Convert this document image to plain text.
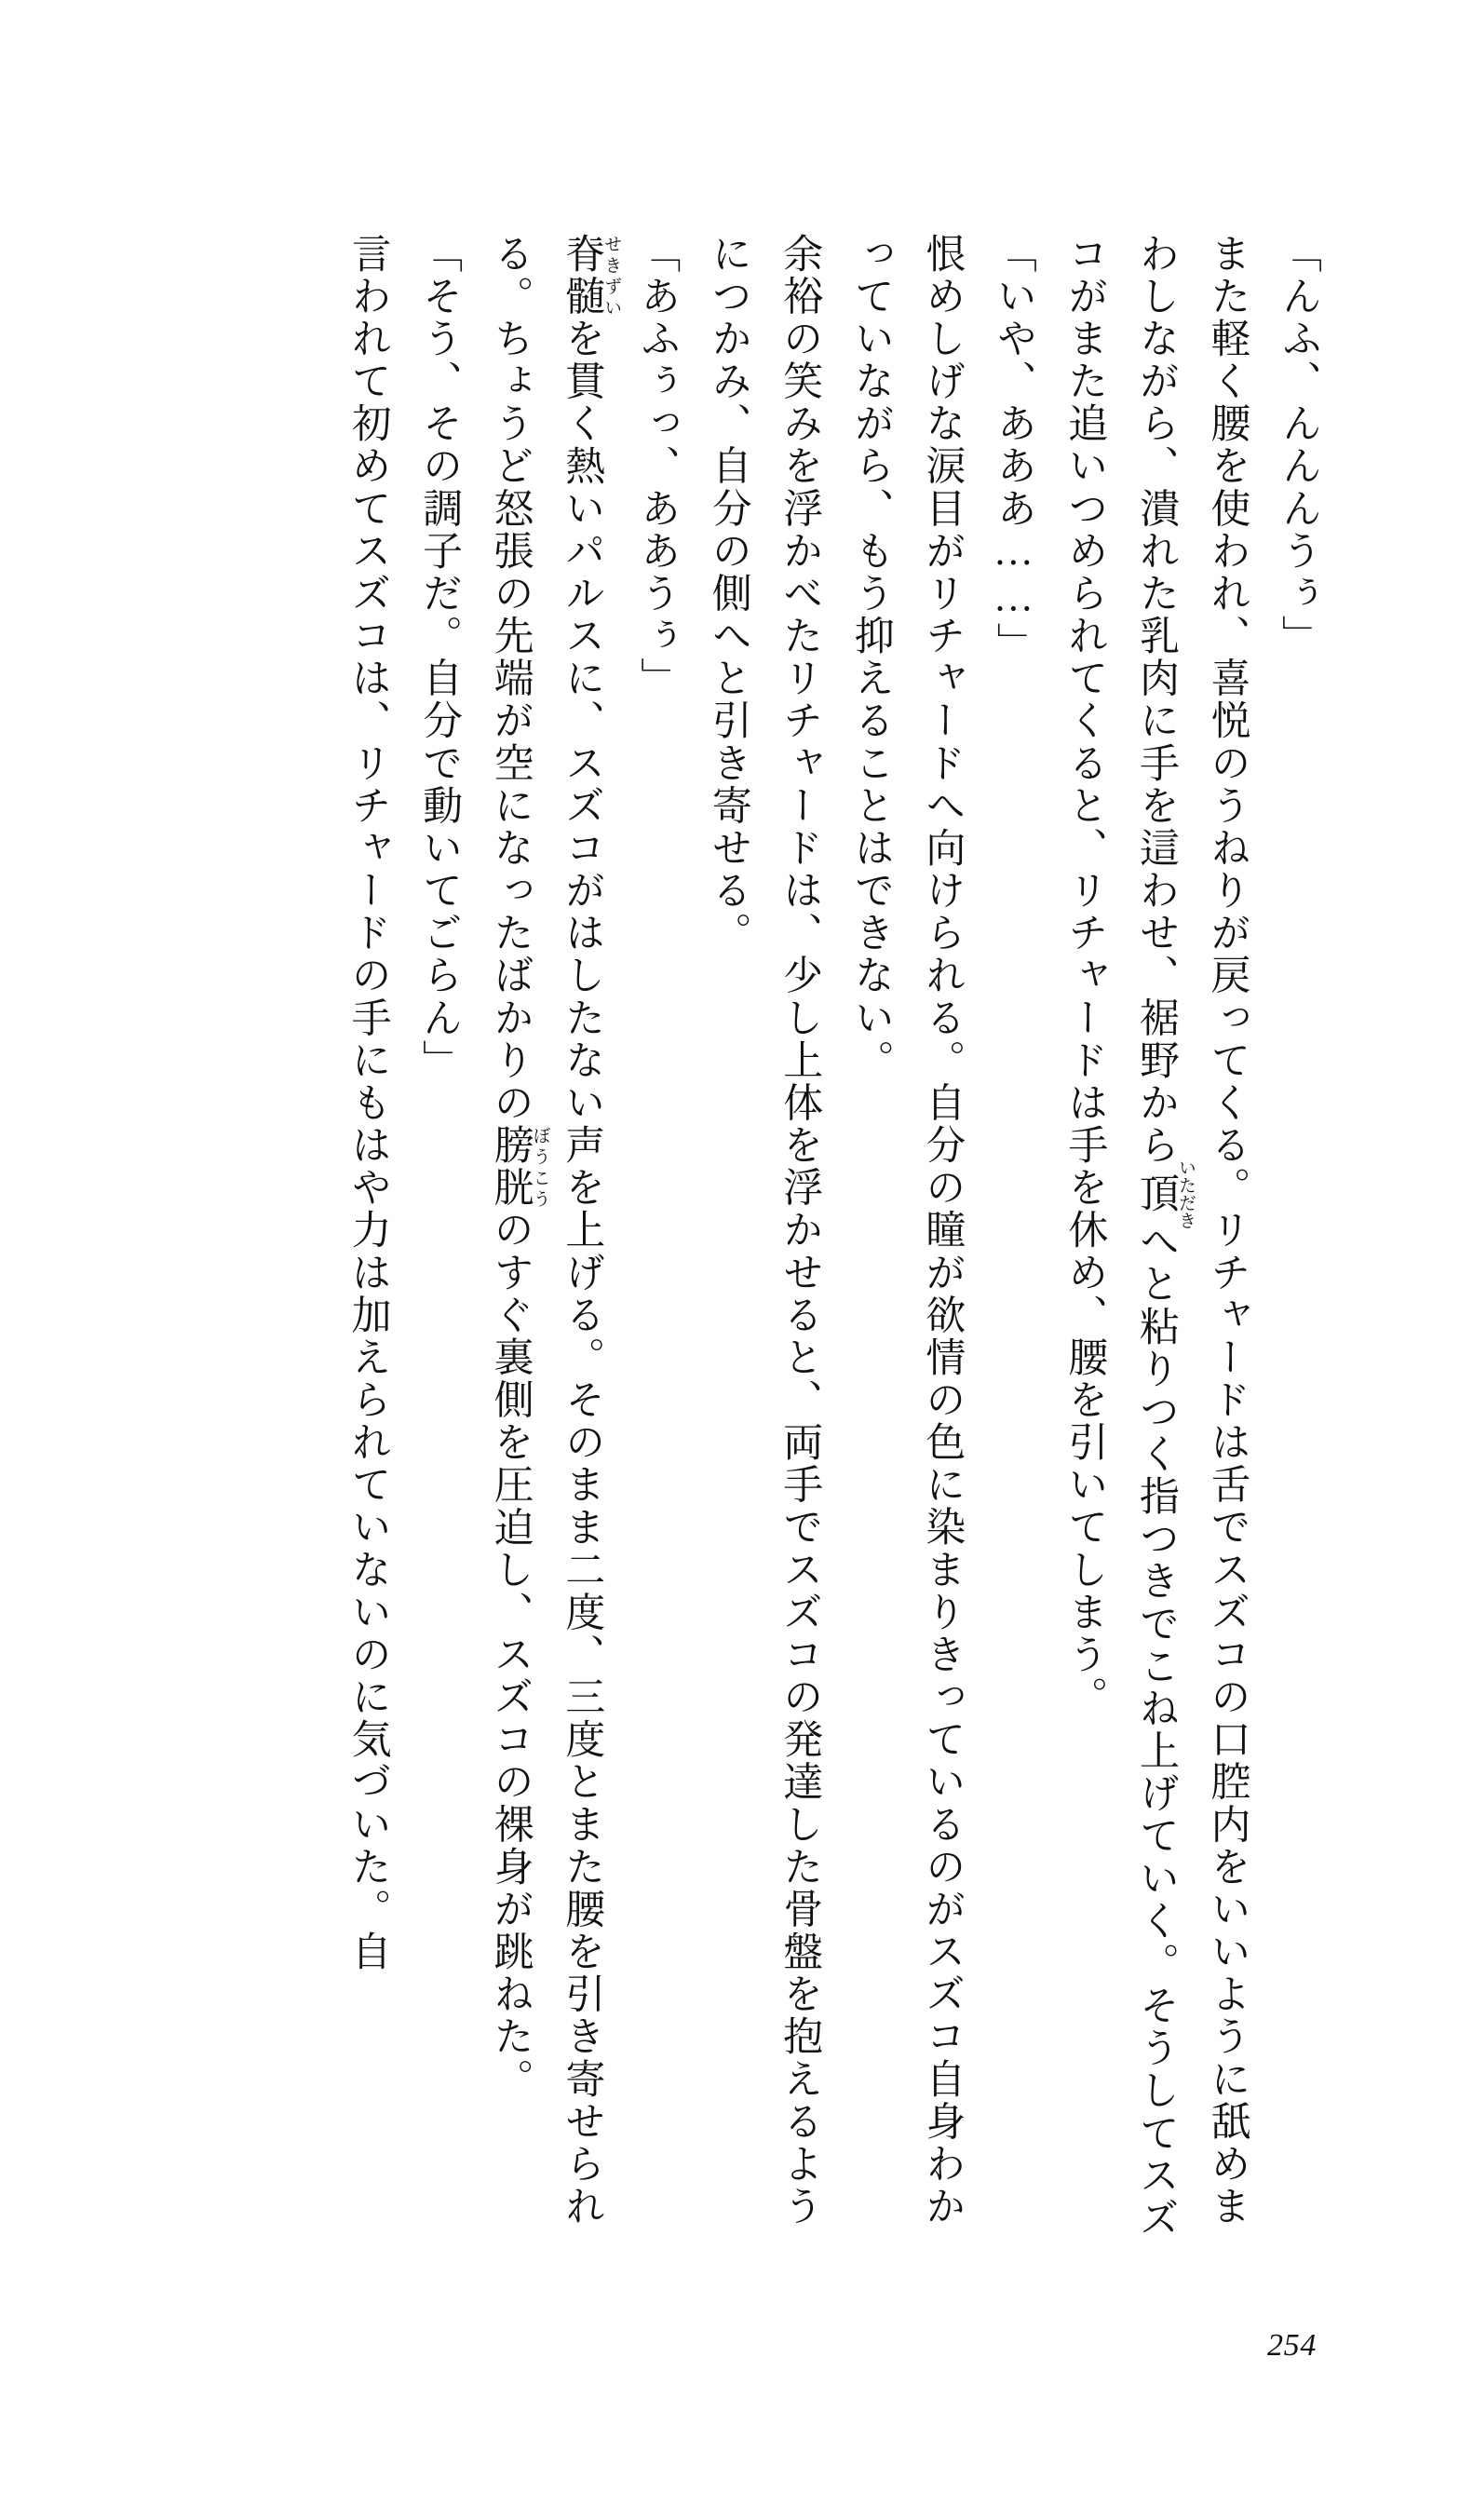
「んふ、んんんうぅ」

また軽く腰を使われ、喜悦のうねりが戻ってくる。リチャードは舌でスズコの口腔内をいいように舐めまわしながら、潰れた乳肉に手を這わせ、裾野から頂いただきへと粘りつく指つきでこね上げていく。そうしてスズコがまた追いつめられてくると、リチャードは手を休め、腰を引いてしまう。

「いや、あああ……」

恨めしげな涙目がリチャードへ向けられる。自分の瞳が欲情の色に染まりきっているのがスズコ自身わかっていながら、もう抑えることはできない。

余裕の笑みを浮かべたリチャードは、少し上体を浮かせると、両手でスズコの発達した骨盤を抱えるようにつかみ、自分の側へと引き寄せる。

「あふぅっ、ああうぅ」

脊髄せきずいを貫く熱いパルスに、スズコがはしたない声を上げる。そのまま二度、三度とまた腰を引き寄せられる。ちょうど怒張の先端が空になったばかりの膀胱ぼうこうのすぐ裏側を圧迫し、スズコの裸身が跳ねた。

「そう、その調子だ。自分で動いてごらん」

言われて初めてスズコは、リチャードの手にもはや力は加えられていないのに気づいた。自

254
